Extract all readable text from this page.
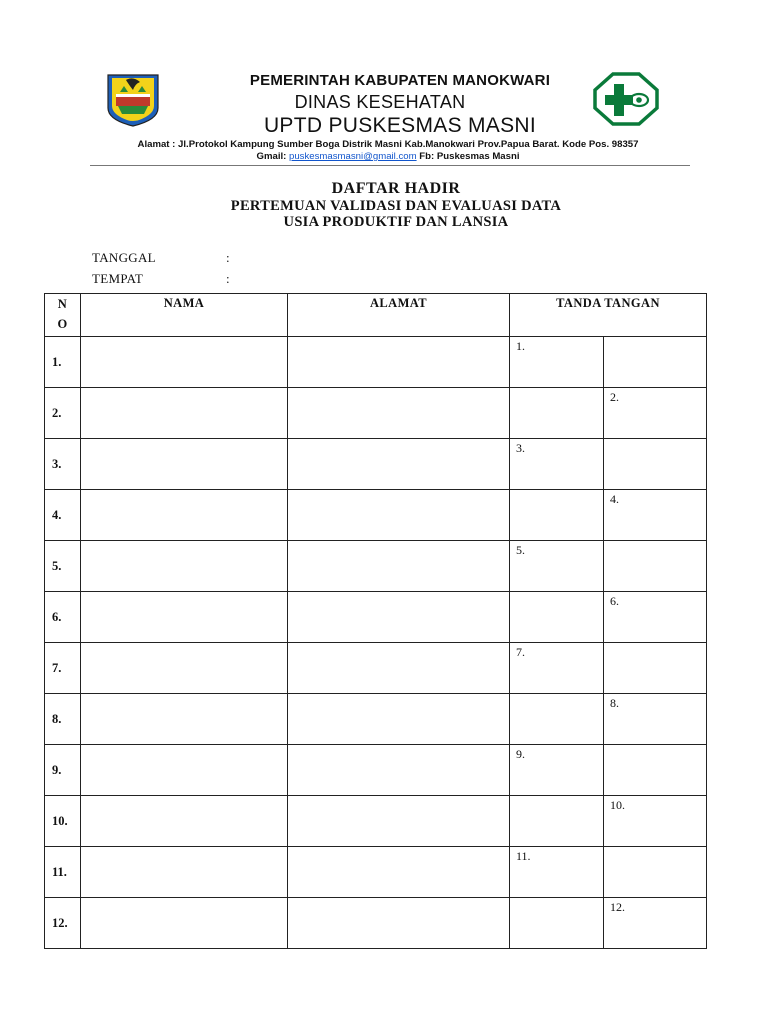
PEMERINTAH KABUPATEN MANOKWARI
DINAS KESEHATAN
UPTD PUSKESMAS MASNI
Alamat : Jl.Protokol Kampung Sumber Boga Distrik Masni Kab.Manokwari Prov.Papua Barat. Kode Pos. 98357
Gmail: puskesmasmasni@gmail.com Fb: Puskesmas Masni
DAFTAR HADIR
PERTEMUAN VALIDASI DAN EVALUASI DATA
USIA PRODUKTIF DAN LANSIA
TANGGAL	:
TEMPAT	:
N
O	NAMA	ALAMAT	TANDA TANGAN	
1.			1.	

2.				2.

3.			3.	

4.				4.

5.			5.	

6.				6.

7.			7.	

8.				8.

9.			9.	

10.				10.

11.			11.	

12.				12.
